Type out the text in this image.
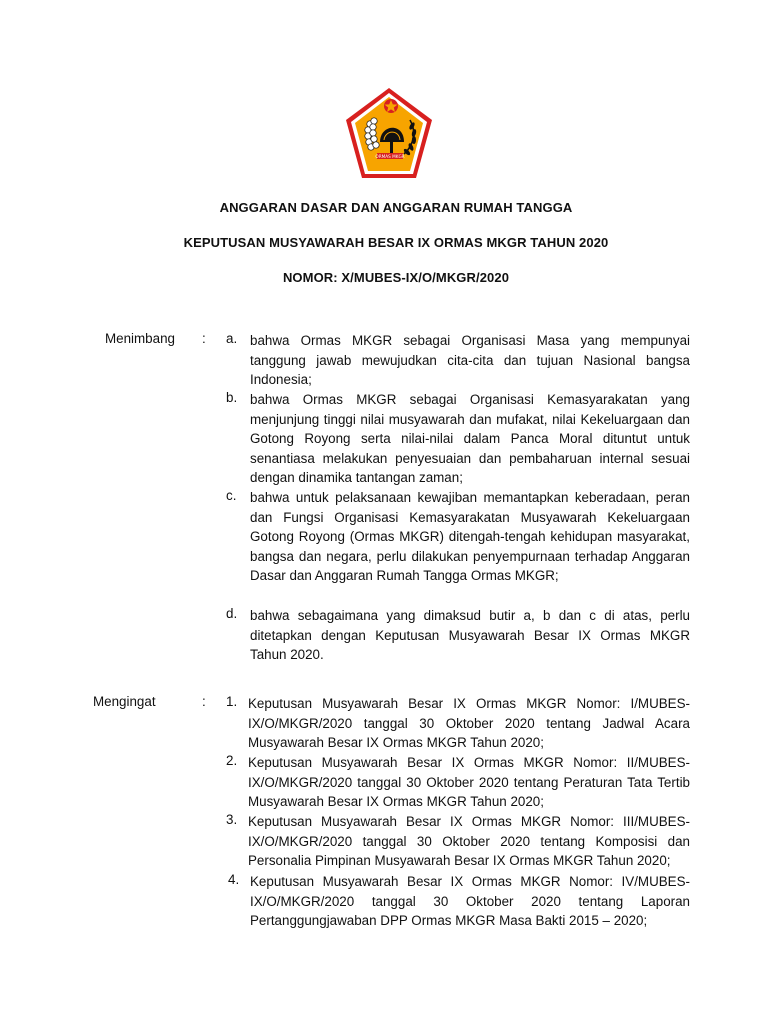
ORMAS MKGR
ANGGARAN DASAR DAN ANGGARAN RUMAH TANGGA
KEPUTUSAN MUSYAWARAH BESAR IX ORMAS MKGR TAHUN 2020
NOMOR: X/MUBES-IX/O/MKGR/2020
Menimbang : a. bahwa Ormas MKGR sebagai Organisasi Masa yang mempunyai tanggung jawab mewujudkan cita-cita dan tujuan Nasional bangsa Indonesia;

b. bahwa Ormas MKGR sebagai Organisasi Kemasyarakatan yang menjunjung tinggi nilai musyawarah dan mufakat, nilai Kekeluargaan dan Gotong Royong serta nilai-nilai dalam Panca Moral dituntut untuk senantiasa melakukan penyesuaian dan pembaharuan internal sesuai dengan dinamika tantangan zaman;

c. bahwa untuk pelaksanaan kewajiban memantapkan keberadaan, peran dan Fungsi Organisasi Kemasyarakatan Musyawarah Kekeluargaan Gotong Royong (Ormas MKGR) ditengah-tengah kehidupan masyarakat, bangsa dan negara, perlu dilakukan penyempurnaan terhadap Anggaran Dasar dan Anggaran Rumah Tangga Ormas MKGR;

d. bahwa sebagaimana yang dimaksud butir a, b dan c di atas, perlu ditetapkan dengan Keputusan Musyawarah Besar IX Ormas MKGR Tahun 2020.

Mengingat	: 1. Keputusan Musyawarah Besar IX Ormas MKGR Nomor: I/MUBES-IX/O/MKGR/2020 tanggal 30 Oktober 2020 tentang Jadwal Acara Musyawarah Besar IX Ormas MKGR Tahun 2020;

2. Keputusan Musyawarah Besar IX Ormas MKGR Nomor: II/MUBES-IX/O/MKGR/2020 tanggal 30 Oktober 2020 tentang Peraturan Tata Tertib Musyawarah Besar IX Ormas MKGR Tahun 2020;

3. Keputusan Musyawarah Besar IX Ormas MKGR Nomor: III/MUBES-IX/O/MKGR/2020 tanggal 30 Oktober 2020 tentang Komposisi dan Personalia Pimpinan Musyawarah Besar IX Ormas MKGR Tahun 2020;

4. Keputusan Musyawarah Besar IX Ormas MKGR Nomor: IV/MUBES-IX/O/MKGR/2020 tanggal 30 Oktober 2020 tentang Laporan Pertanggungjawaban DPP Ormas MKGR Masa Bakti 2015 – 2020;
